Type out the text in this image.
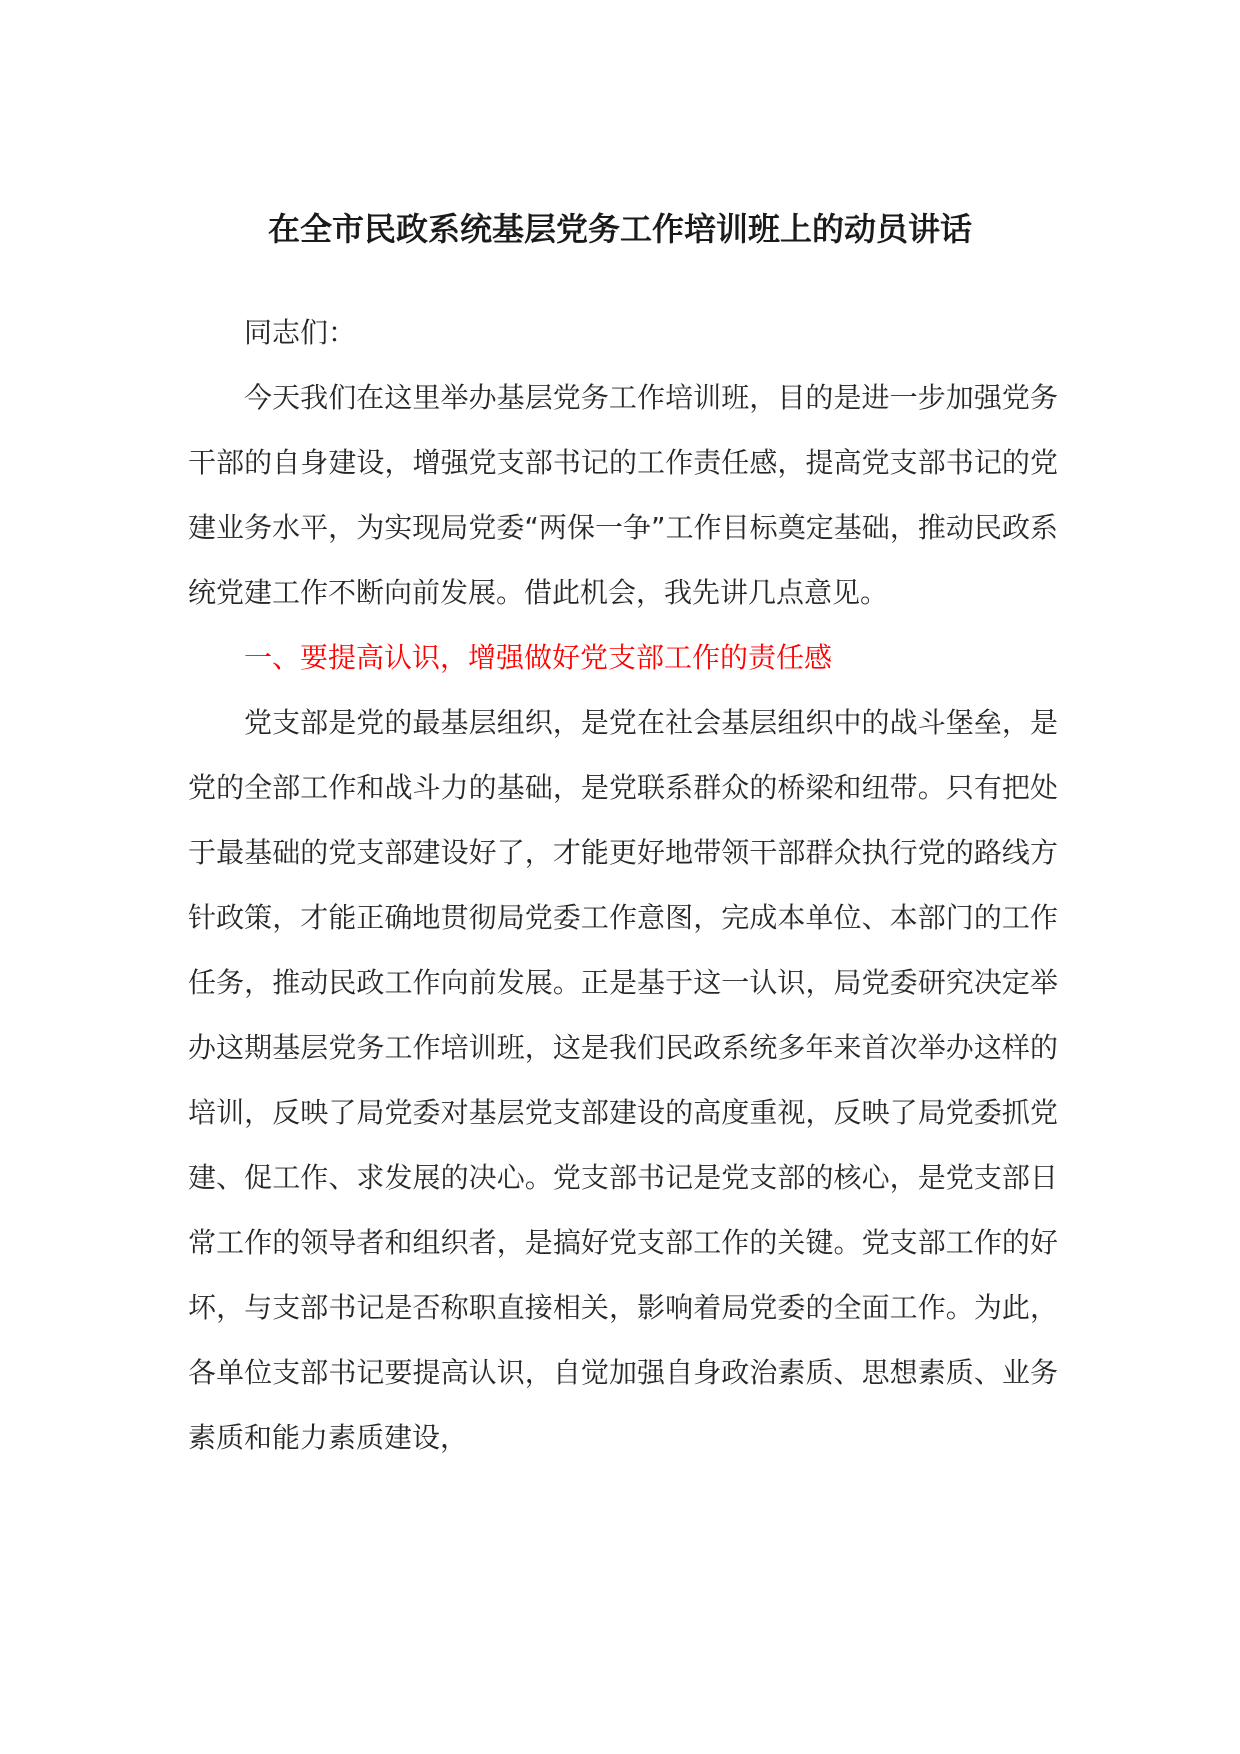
在全市民政系统基层党务工作培训班上的动员讲话

同志们：

今天我们在这里举办基层党务工作培训班，目的是进一步加强党务干部的自身建设，增强党支部书记的工作责任感，提高党支部书记的党建业务水平，为实现局党委“两保一争”工作目标奠定基础，推动民政系统党建工作不断向前发展。借此机会，我先讲几点意见。

一、要提高认识，增强做好党支部工作的责任感

党支部是党的最基层组织，是党在社会基层组织中的战斗堡垒，是党的全部工作和战斗力的基础，是党联系群众的桥梁和纽带。只有把处于最基础的党支部建设好了，才能更好地带领干部群众执行党的路线方针政策，才能正确地贯彻局党委工作意图，完成本单位、本部门的工作任务，推动民政工作向前发展。正是基于这一认识，局党委研究决定举办这期基层党务工作培训班，这是我们民政系统多年来首次举办这样的培训，反映了局党委对基层党支部建设的高度重视，反映了局党委抓党建、促工作、求发展的决心。党支部书记是党支部的核心，是党支部日常工作的领导者和组织者，是搞好党支部工作的关键。党支部工作的好坏，与支部书记是否称职直接相关，影响着局党委的全面工作。为此，各单位支部书记要提高认识，自觉加强自身政治素质、思想素质、业务素质和能力素质建设，
